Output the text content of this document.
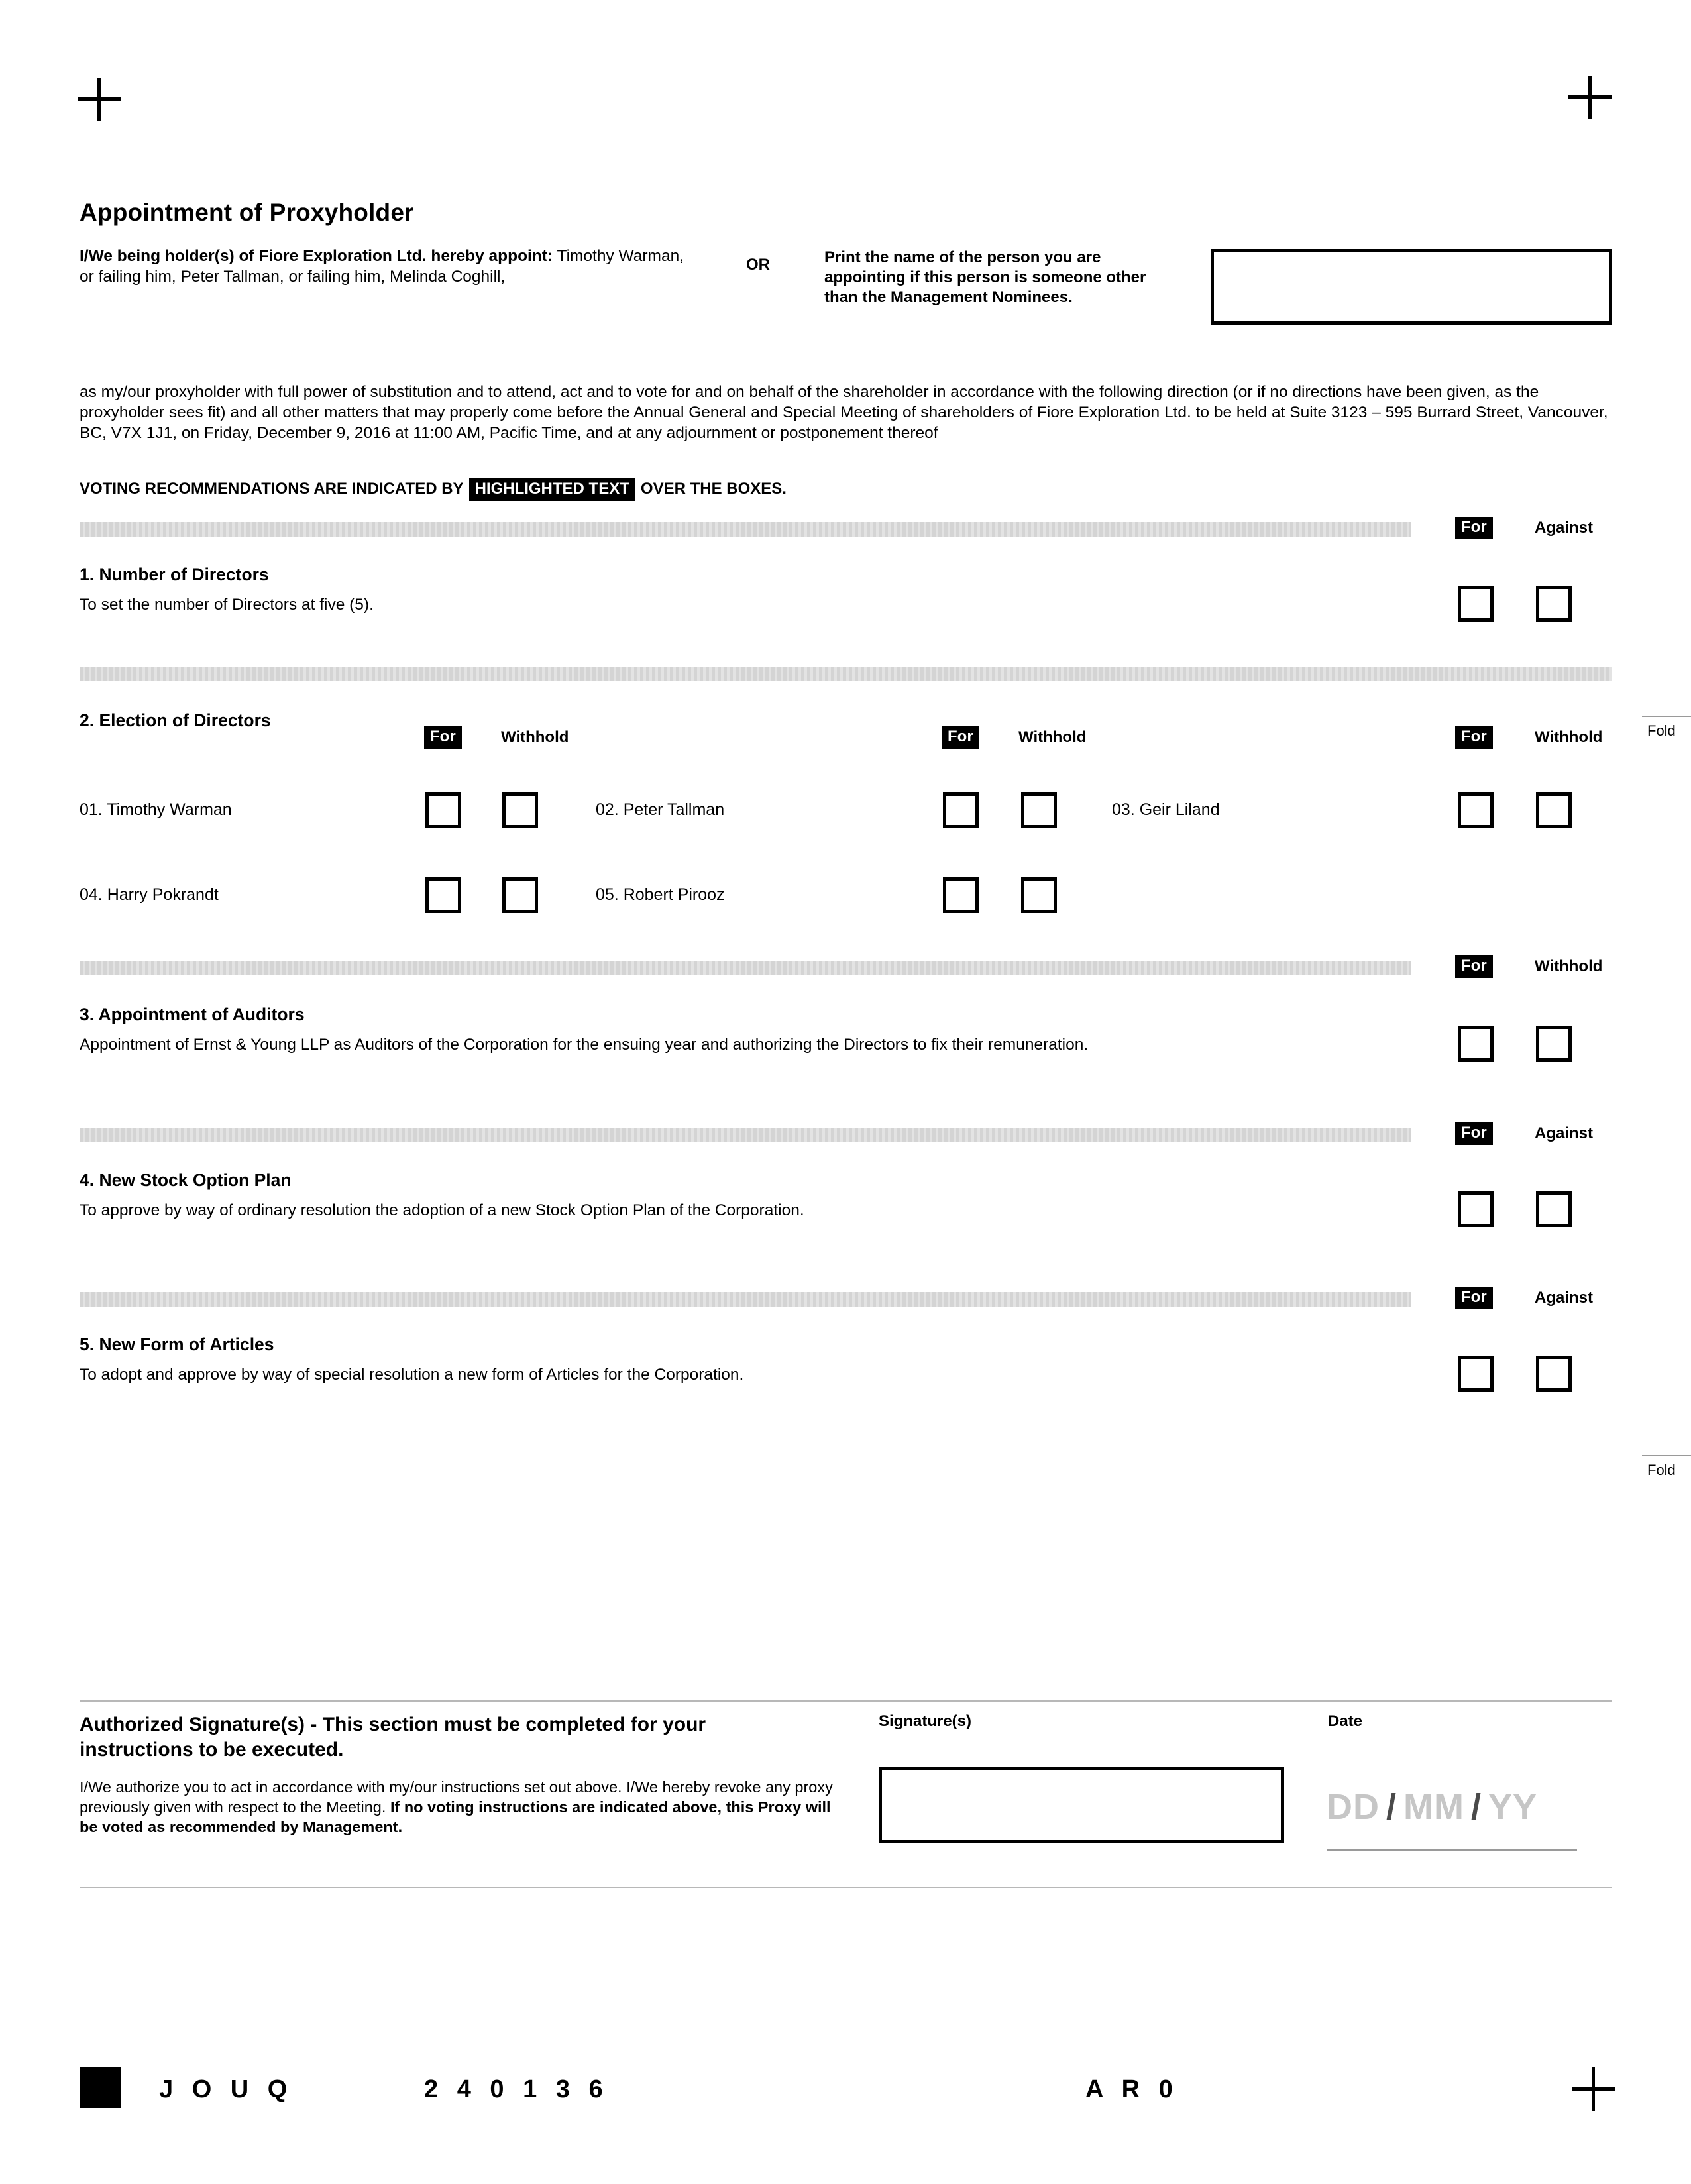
Appointment of Proxyholder
I/We being holder(s) of Fiore Exploration Ltd. hereby appoint: Timothy Warman, or failing him, Peter Tallman, or failing him, Melinda Coghill,
OR	Print the name of the person you are appointing if this person is someone other than the Management Nominees.
as my/our proxyholder with full power of substitution and to attend, act and to vote for and on behalf of the shareholder in accordance with the following direction (or if no directions have been given, as the proxyholder sees fit) and all other matters that may properly come before the Annual General and Special Meeting of shareholders of Fiore Exploration Ltd. to be held at Suite 3123 – 595 Burrard Street, Vancouver, BC, V7X 1J1, on Friday, December 9, 2016 at 11:00 AM, Pacific Time, and at any adjournment or postponement thereof
VOTING RECOMMENDATIONS ARE INDICATED BY HIGHLIGHTED TEXT OVER THE BOXES.
For	Against
1. Number of Directors
To set the number of Directors at five (5).
2. Election of Directors
For	Withhold	For	Withhold	For	Withhold	Fold
01. Timothy Warman	02. Peter Tallman	03. Geir Liland
04. Harry Pokrandt	05. Robert Pirooz
For	Withhold
3. Appointment of Auditors
Appointment of Ernst & Young LLP as Auditors of the Corporation for the ensuing year and authorizing the Directors to fix their remuneration.
For	Against
4. New Stock Option Plan
To approve by way of ordinary resolution the adoption of a new Stock Option Plan of the Corporation.
For	Against
5. New Form of Articles
To adopt and approve by way of special resolution a new form of Articles for the Corporation.
Fold
Authorized Signature(s) - This section must be completed for your instructions to be executed.
I/We authorize you to act in accordance with my/our instructions set out above. I/We hereby revoke any proxy previously given with respect to the Meeting. If no voting instructions are indicated above, this Proxy will be voted as recommended by Management.
Signature(s)	Date
DD / MM / YY
J O U Q	2 4 0 1 3 6	A R 0
